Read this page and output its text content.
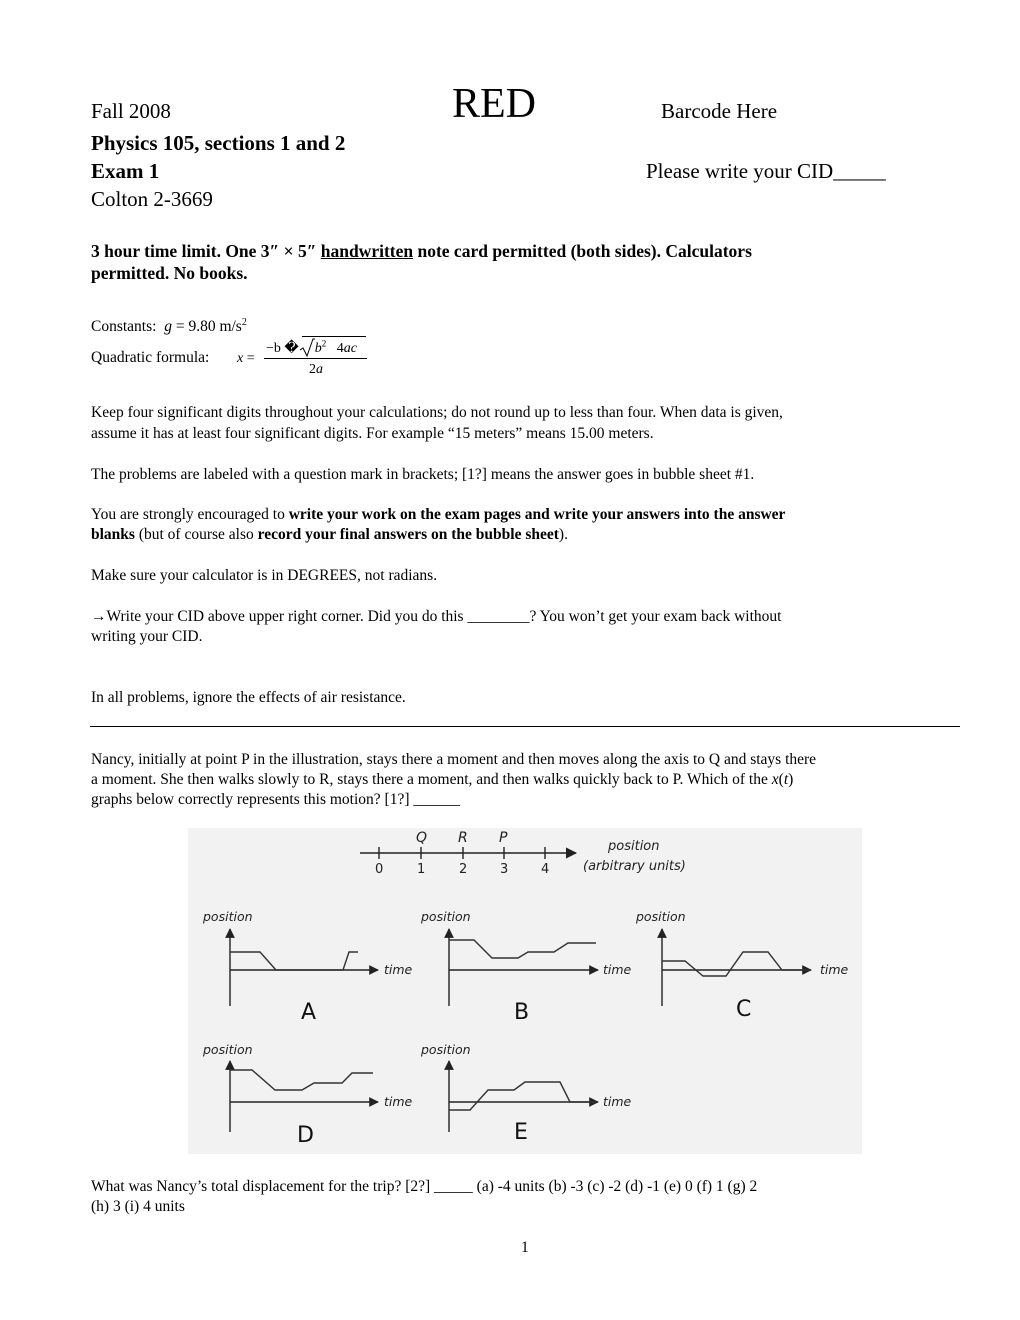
Fall 2008	RED	Barcode Here
Physics 105, sections 1 and 2
Exam 1	Please write your CID_____
Colton 2-3669
3 hour time limit. One 3″ × 5″ handwritten note card permitted (both sides). Calculators
permitted. No books.
Constants: g = 9.80 $m/s^2$
Quadratic formula: x =
−b � $b^2$ 4ac
2a
Keep four significant digits throughout your calculations; do not round up to less than four. When data is given,
assume it has at least four significant digits. For example “15 meters” means 15.00 meters.
The problems are labeled with a question mark in brackets; [1?] means the answer goes in bubble sheet #1.
You are strongly encouraged to write your work on the exam pages and write your answers into the answer
blanks (but of course also record your final answers on the bubble sheet).
Make sure your calculator is in DEGREES, not radians.
→Write your CID above upper right corner. Did you do this ________? You won’t get your exam back without
writing your CID.
In all problems, ignore the effects of air resistance.
Nancy, initially at point P in the illustration, stays there a moment and then moves along the axis to Q and stays there
a moment. She then walks slowly to R, stays there a moment, and then walks quickly back to P. Which of the x(t)
graphs below correctly represents this motion? [1?] ______
Q R P
0	1	2	3	4
position
(arbitrary units)
position
time
A
position
time
B
position
time
C
position
time
D
position
time
E
What was Nancy’s total displacement for the trip? [2?] _____ (a) -4 units (b) -3 (c) -2 (d) -1 (e) 0 (f) 1 (g) 2
(h) 3 (i) 4 units
1
